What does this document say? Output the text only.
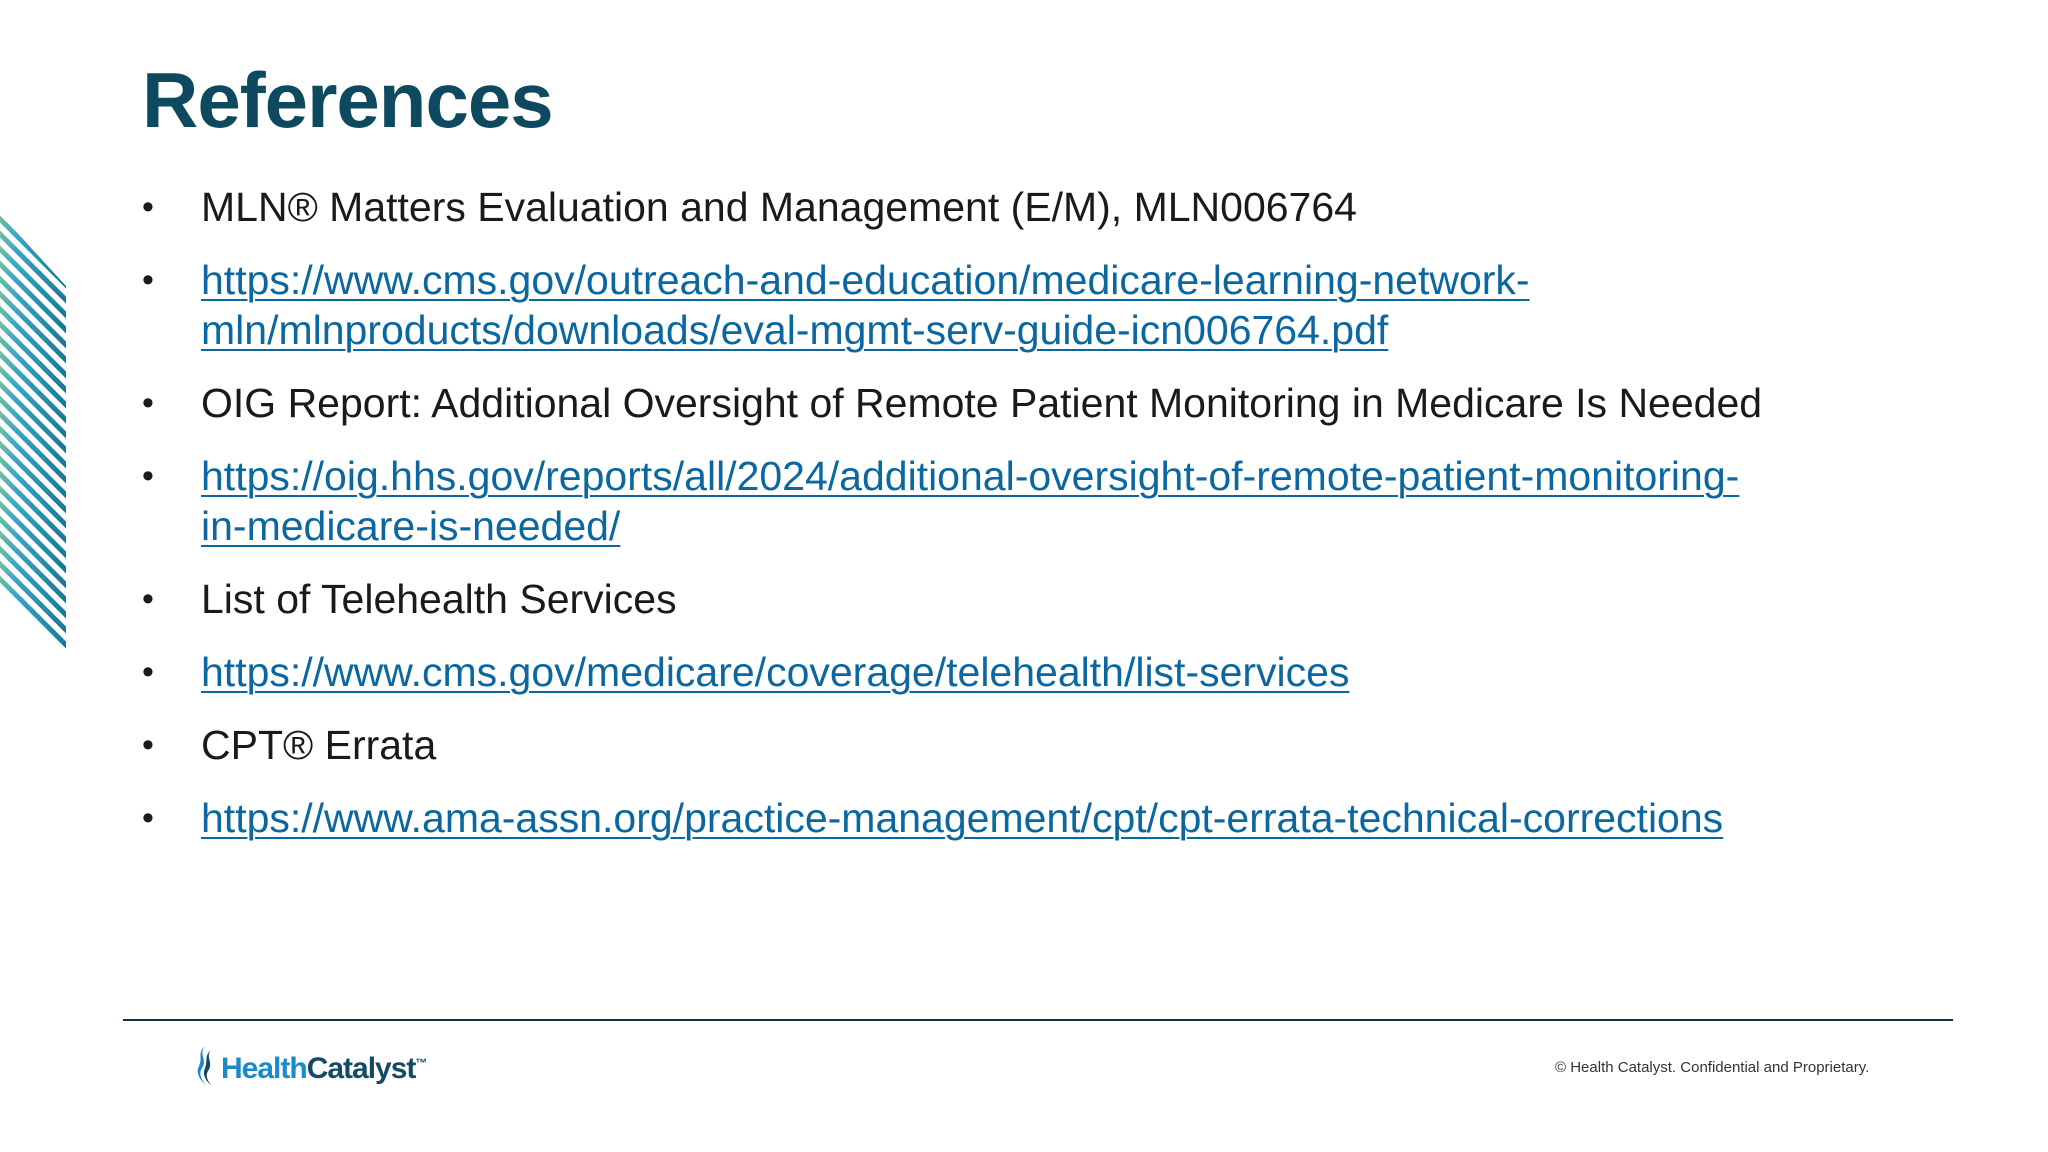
References
• MLN® Matters Evaluation and Management (E/M), MLN006764
• https://www.cms.gov/outreach-and-education/medicare-learning-network-
mln/mlnproducts/downloads/eval-mgmt-serv-guide-icn006764.pdf
• OIG Report: Additional Oversight of Remote Patient Monitoring in Medicare Is Needed
• https://oig.hhs.gov/reports/all/2024/additional-oversight-of-remote-patient-monitoring-
in-medicare-is-needed/
• List of Telehealth Services
• https://www.cms.gov/medicare/coverage/telehealth/list-services
• CPT® Errata
• https://www.ama-assn.org/practice-management/cpt/cpt-errata-technical-corrections
HealthCatalyst™	© Health Catalyst. Confidential and Proprietary.
